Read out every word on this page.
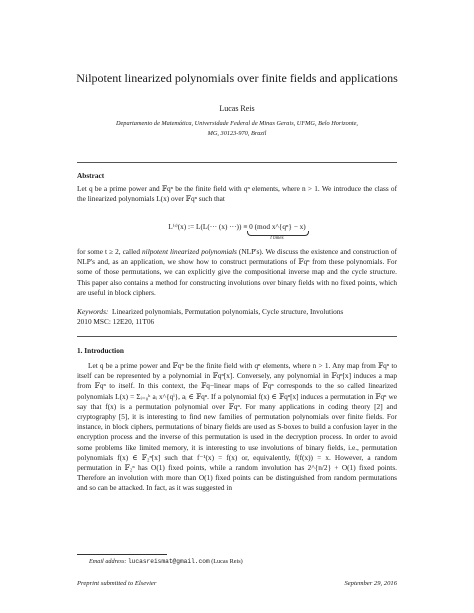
Nilpotent linearized polynomials over finite fields and applications
Lucas Reis
Departamento de Matemática, Universidade Federal de Minas Gerais, UFMG, Belo Horizonte, MG, 30123-970, Brazil
Abstract

Let q be a prime power and 𝔽qⁿ be the finite field with qⁿ elements, where n > 1. We introduce the class of the linearized polynomials L(x) over 𝔽qⁿ such that

L⁽ᵗ⁾(x) := L(L(··· (x) ···)) ≡ 0 (mod x^{qⁿ} − x)
t times

for some t ≥ 2, called nilpotent linearized polynomials (NLP's). We discuss the existence and construction of NLP's and, as an application, we show how to construct permutations of 𝔽qⁿ from these polynomials. For some of those permutations, we can explicitly give the compositional inverse map and the cycle structure. This paper also contains a method for constructing involutions over binary fields with no fixed points, which are useful in block ciphers.

Keywords: Linearized polynomials, Permutation polynomials, Cycle structure, Involutions
2010 MSC: 12E20, 11T06
1. Introduction

Let q be a prime power and 𝔽qⁿ be the finite field with qⁿ elements, where n > 1. Any map from 𝔽qⁿ to itself can be represented by a polynomial in 𝔽qⁿ[x]. Conversely, any polynomial in 𝔽qⁿ[x] induces a map from 𝔽qⁿ to itself. In this context, the 𝔽q−linear maps of 𝔽qⁿ corresponds to the so called linearized polynomials L(x) = Σᵢ₌₀ᵏ aᵢ x^{qⁱ}, aᵢ ∈ 𝔽qⁿ. If a polynomial f(x) ∈ 𝔽qⁿ[x] induces a permutation in 𝔽qⁿ we say that f(x) is a permutation polynomial over 𝔽qⁿ. For many applications in coding theory [2] and cryptography [5], it is interesting to find new families of permutation polynomials over finite fields. For instance, in block ciphers, permutations of binary fields are used as S-boxes to build a confusion layer in the encryption process and the inverse of this permutation is used in the decryption process. In order to avoid some problems like limited memory, it is interesting to use involutions of binary fields, i.e., permutation polynomials f(x) ∈ 𝔽₂ⁿ[x] such that f⁻¹(x) = f(x) or, equivalently, f(f(x)) = x. However, a random permutation in 𝔽₂ⁿ has O(1) fixed points, while a random involution has 2^{n/2} + O(1) fixed points. Therefore an involution with more than O(1) fixed points can be distinguished from random permutations and so can be attacked. In fact, as it was suggested in

Email address: lucasreismat@gmail.com (Lucas Reis)
Preprint submitted to Elsevier	September 29, 2016
